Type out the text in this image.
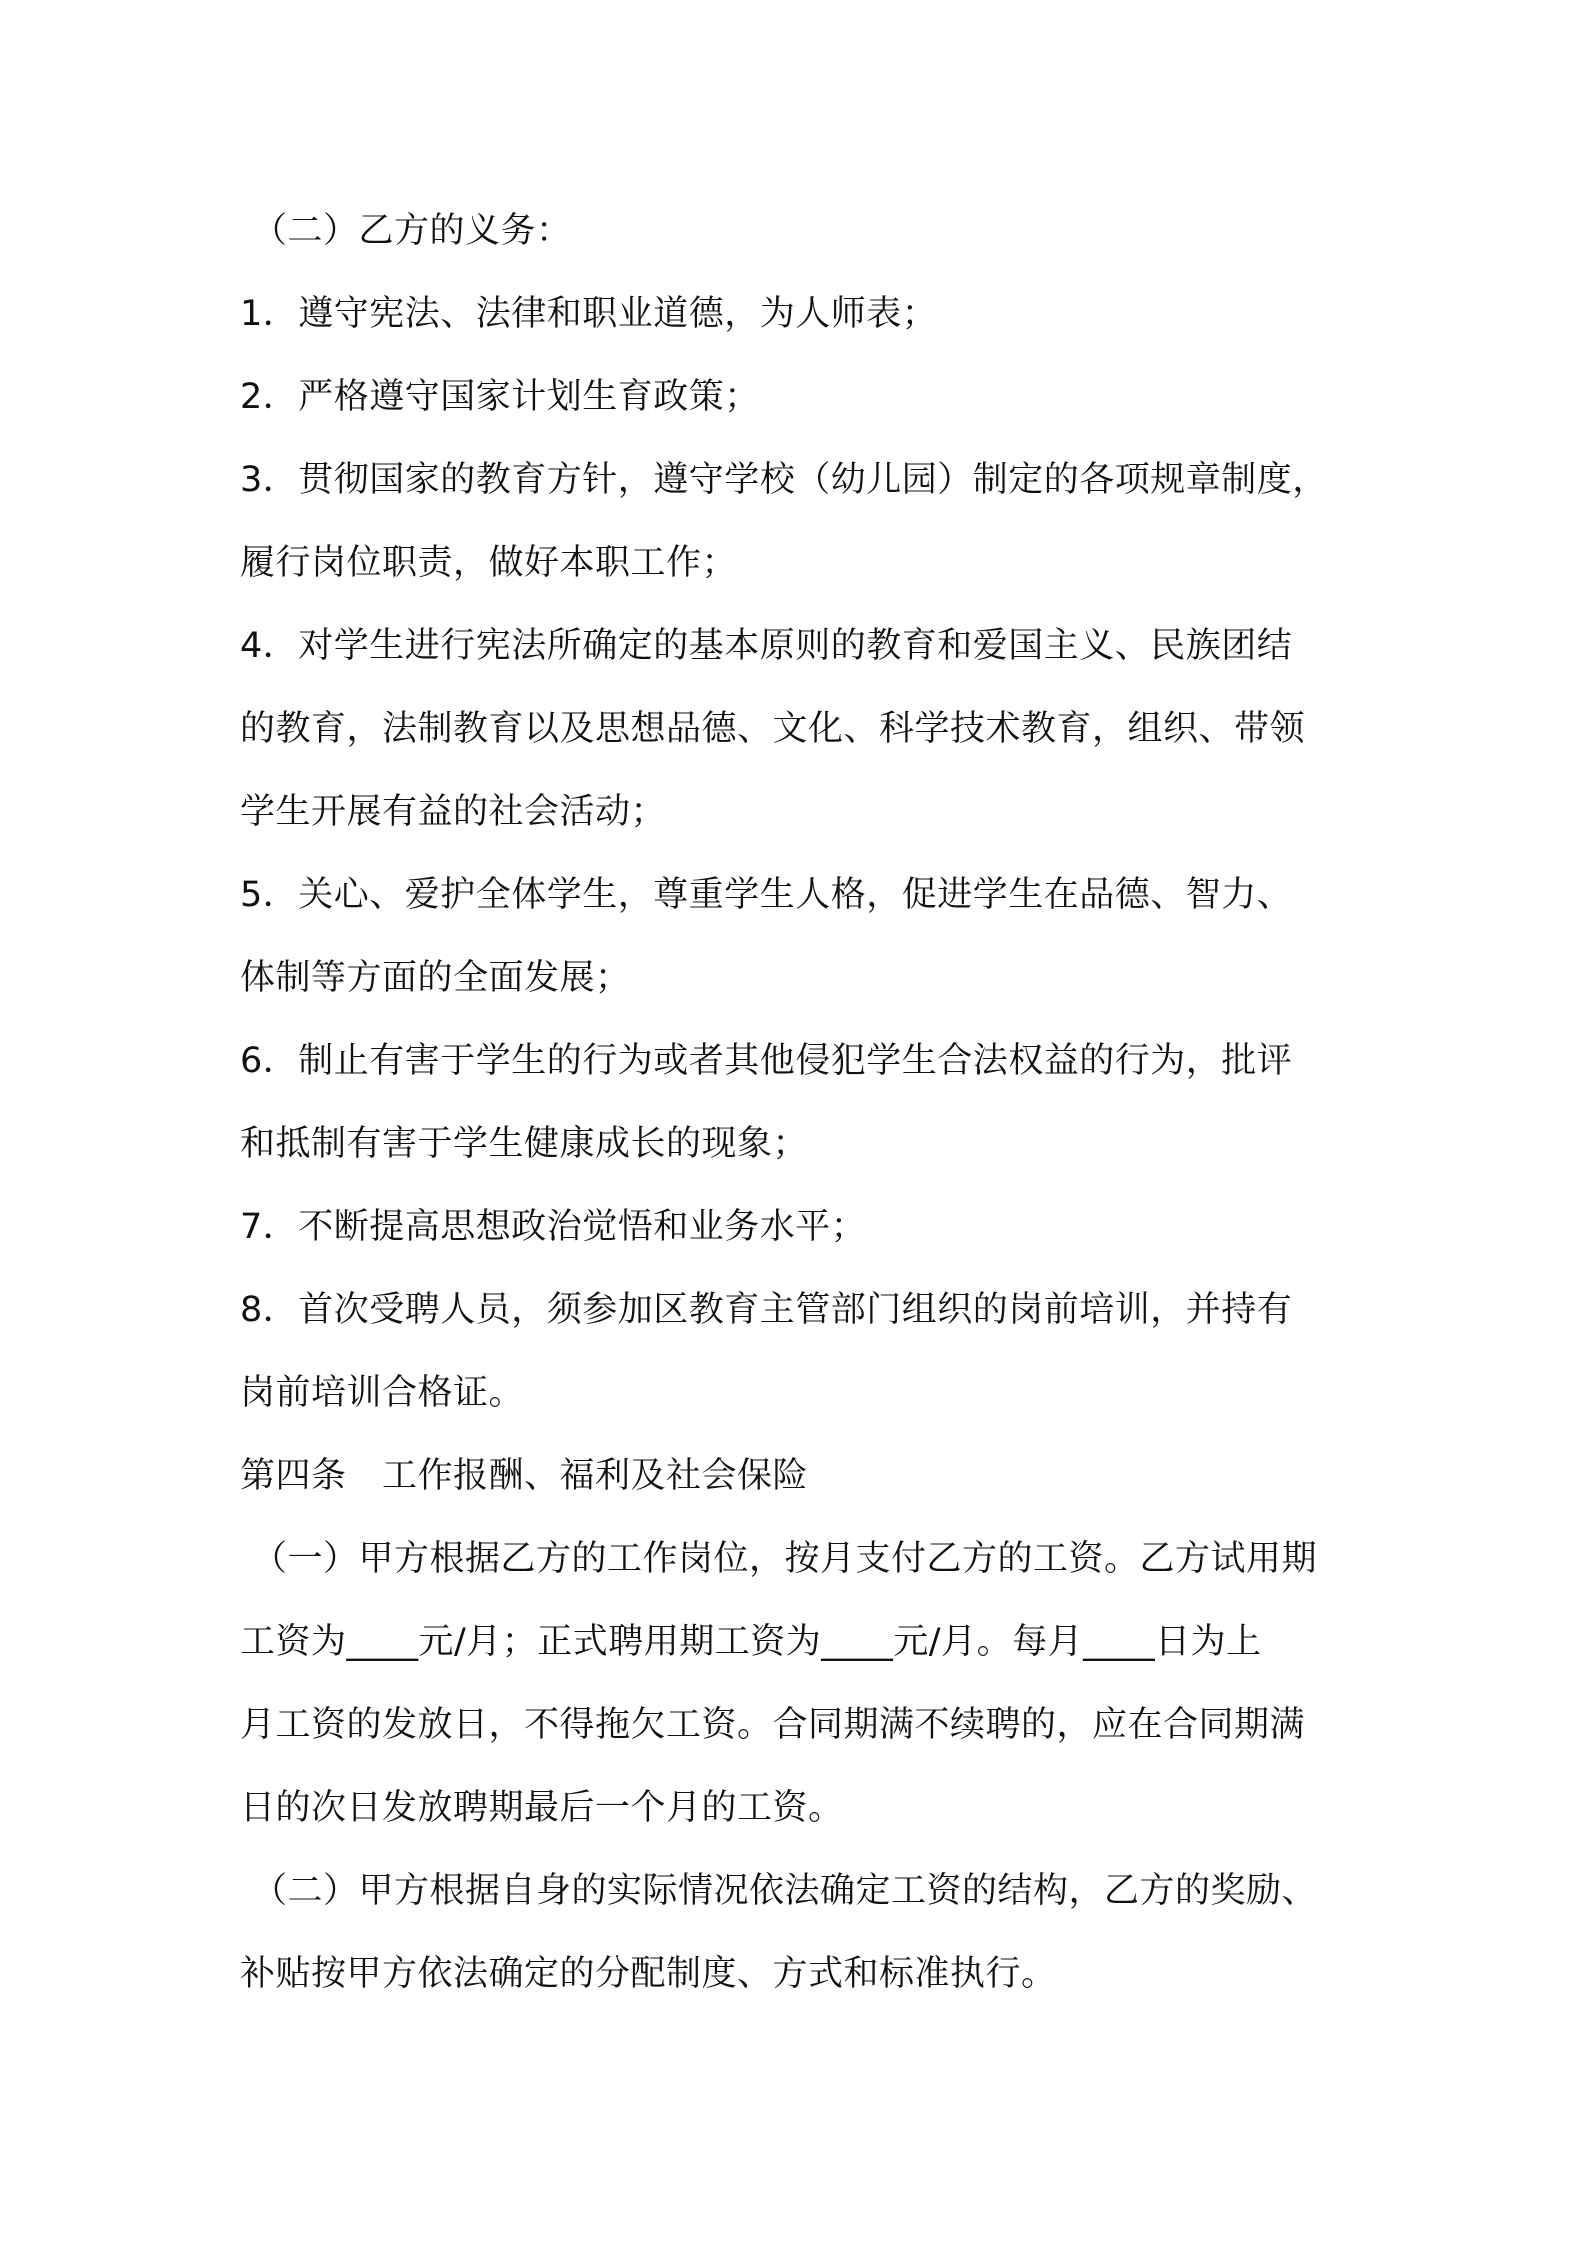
（二）乙方的义务：

1．遵守宪法、法律和职业道德，为人师表；

2．严格遵守国家计划生育政策；

3．贯彻国家的教育方针，遵守学校（幼儿园）制定的各项规章制度，

履行岗位职责，做好本职工作；

4．对学生进行宪法所确定的基本原则的教育和爱国主义、民族团结

的教育，法制教育以及思想品德、文化、科学技术教育，组织、带领

学生开展有益的社会活动；

5．关心、爱护全体学生，尊重学生人格，促进学生在品德、智力、

体制等方面的全面发展；

6．制止有害于学生的行为或者其他侵犯学生合法权益的行为，批评

和抵制有害于学生健康成长的现象；

7．不断提高思想政治觉悟和业务水平；

8．首次受聘人员，须参加区教育主管部门组织的岗前培训，并持有

岗前培训合格证。

第四条　工作报酬、福利及社会保险

（一）甲方根据乙方的工作岗位，按月支付乙方的工资。乙方试用期

工资为____元/月；正式聘用期工资为____元/月。每月____日为上

月工资的发放日，不得拖欠工资。合同期满不续聘的，应在合同期满

日的次日发放聘期最后一个月的工资。

（二）甲方根据自身的实际情况依法确定工资的结构，乙方的奖励、

补贴按甲方依法确定的分配制度、方式和标准执行。
